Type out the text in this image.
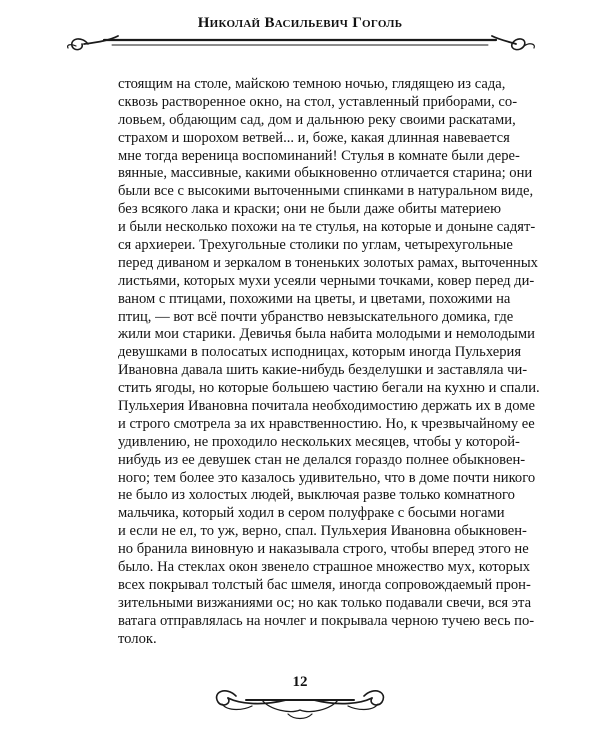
Николай Васильевич Гоголь
стоящим на столе, майскою темною ночью, глядящею из сада,
сквозь растворенное окно, на стол, уставленный приборами, со-
ловьем, обдающим сад, дом и дальнюю реку своими раскатами,
страхом и шорохом ветвей... и, боже, какая длинная навевается
мне тогда вереница воспоминаний! Стулья в комнате были дере-
вянные, массивные, какими обыкновенно отличается старина; они
были все с высокими выточенными спинками в натуральном виде,
без всякого лака и краски; они не были даже обиты материею
и были несколько похожи на те стулья, на которые и доныне садят-
ся архиереи. Трехугольные столики по углам, четырехугольные
перед диваном и зеркалом в тоненьких золотых рамах, выточенных
листьями, которых мухи усеяли черными точками, ковер перед ди-
ваном с птицами, похожими на цветы, и цветами, похожими на
птиц, — вот всё почти убранство невзыскательного домика, где
жили мои старики. Девичья была набита молодыми и немолодыми
девушками в полосатых исподницах, которым иногда Пульхерия
Ивановна давала шить какие-нибудь безделушки и заставляла чи-
стить ягоды, но которые большею частию бегали на кухню и спали.
Пульхерия Ивановна почитала необходимостию держать их в доме
и строго смотрела за их нравственностию. Но, к чрезвычайному ее
удивлению, не проходило нескольких месяцев, чтобы у которой-
нибудь из ее девушек стан не делался гораздо полнее обыкновен-
ного; тем более это казалось удивительно, что в доме почти никого
не было из холостых людей, выключая разве только комнатного
мальчика, который ходил в сером полуфраке с босыми ногами
и если не ел, то уж, верно, спал. Пульхерия Ивановна обыкновен-
но бранила виновную и наказывала строго, чтобы вперед этого не
было. На стеклах окон звенело страшное множество мух, которых
всех покрывал толстый бас шмеля, иногда сопровождаемый прон-
зительными визжаниями ос; но как только подавали свечи, вся эта
ватага отправлялась на ночлег и покрывала черною тучею весь по-
толок.
12
